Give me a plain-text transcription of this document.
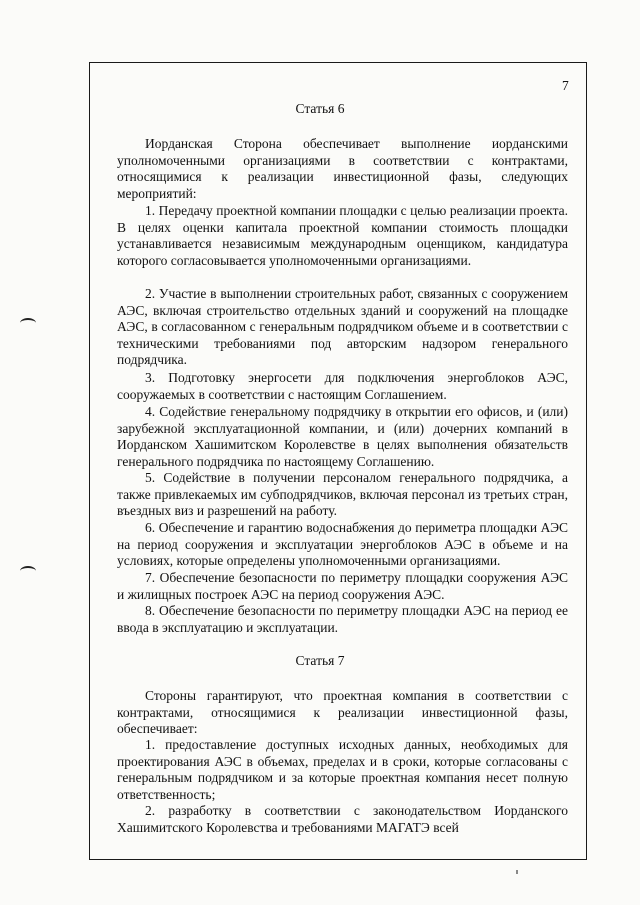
7
Статья 6
Иорданская Сторона обеспечивает выполнение иорданскими уполномоченными организациями в соответствии с контрактами, относящимися к реализации инвестиционной фазы, следующих мероприятий:
1. Передачу проектной компании площадки с целью реализации проекта. В целях оценки капитала проектной компании стоимость площадки устанавливается независимым международным оценщиком, кандидатура которого согласовывается уполномоченными организациями.
2. Участие в выполнении строительных работ, связанных с сооружением АЭС, включая строительство отдельных зданий и сооружений на площадке АЭС, в согласованном с генеральным подрядчиком объеме и в соответствии с техническими требованиями под авторским надзором генерального подрядчика.
3. Подготовку энергосети для подключения энергоблоков АЭС, сооружаемых в соответствии с настоящим Соглашением.
4. Содействие генеральному подрядчику в открытии его офисов, и (или) зарубежной эксплуатационной компании, и (или) дочерних компаний в Иорданском Хашимитском Королевстве в целях выполнения обязательств генерального подрядчика по настоящему Соглашению.
5. Содействие в получении персоналом генерального подрядчика, а также привлекаемых им субподрядчиков, включая персонал из третьих стран, въездных виз и разрешений на работу.
6. Обеспечение и гарантию водоснабжения до периметра площадки АЭС на период сооружения и эксплуатации энергоблоков АЭС в объеме и на условиях, которые определены уполномоченными организациями.
7. Обеспечение безопасности по периметру площадки сооружения АЭС и жилищных построек АЭС на период сооружения АЭС.
8. Обеспечение безопасности по периметру площадки АЭС на период ее ввода в эксплуатацию и эксплуатации.
Статья 7
Стороны гарантируют, что проектная компания в соответствии с контрактами, относящимися к реализации инвестиционной фазы, обеспечивает:
1. предоставление доступных исходных данных, необходимых для проектирования АЭС в объемах, пределах и в сроки, которые согласованы с генеральным подрядчиком и за которые проектная компания несет полную ответственность;
2. разработку в соответствии с законодательством Иорданского Хашимитского Королевства и требованиями МАГАТЭ всей
